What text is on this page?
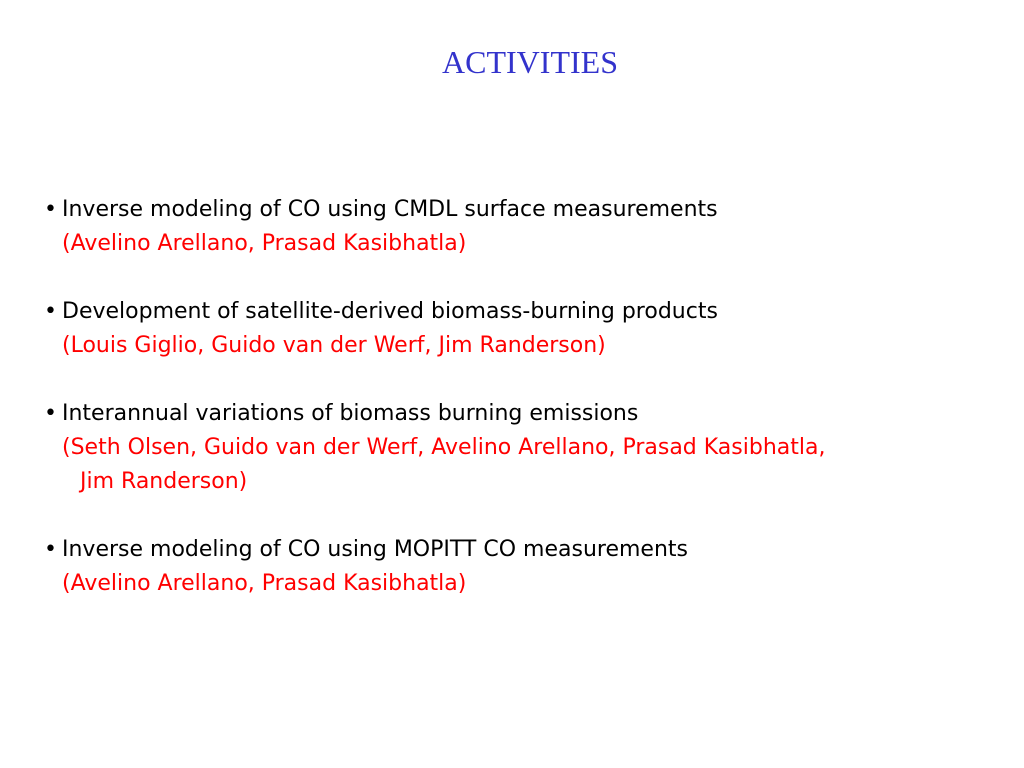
ACTIVITIES
• Inverse modeling of CO using CMDL surface measurements
(Avelino Arellano, Prasad Kasibhatla)
• Development of satellite-derived biomass-burning products
(Louis Giglio, Guido van der Werf, Jim Randerson)
• Interannual variations of biomass burning emissions
(Seth Olsen, Guido van der Werf, Avelino Arellano, Prasad Kasibhatla,
Jim Randerson)
• Inverse modeling of CO using MOPITT CO measurements
(Avelino Arellano, Prasad Kasibhatla)
